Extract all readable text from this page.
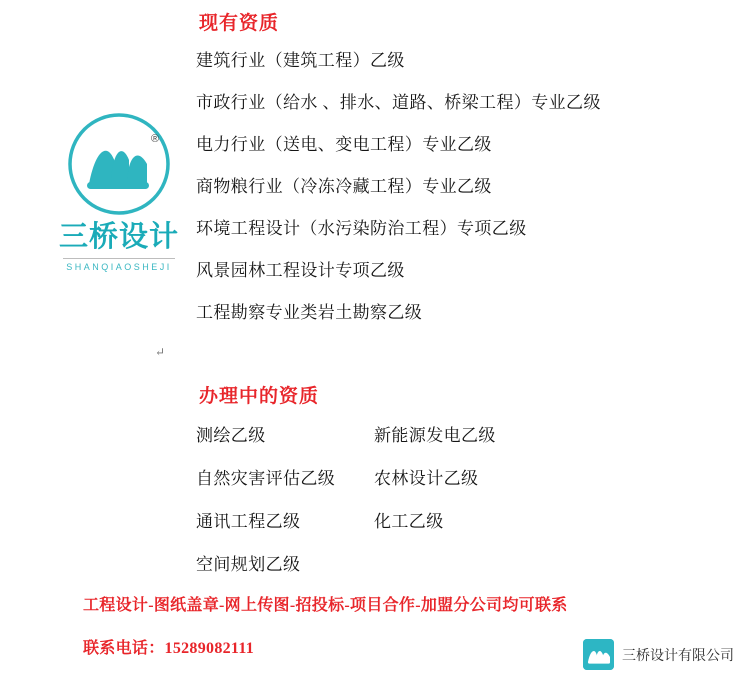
®
三桥设计
SHANQIAOSHEJI
现有资质
建筑行业（建筑工程）乙级
市政行业（给水 、排水、道路、桥梁工程）专业乙级
电力行业（送电、变电工程）专业乙级
商物粮行业（冷冻冷藏工程）专业乙级
环境工程设计（水污染防治工程）专项乙级
风景园林工程设计专项乙级
工程勘察专业类岩土勘察乙级
↵
办理中的资质
测绘乙级	新能源发电乙级
自然灾害评估乙级	农林设计乙级
通讯工程乙级	化工乙级
空间规划乙级
工程设计-图纸盖章-网上传图-招投标-项目合作-加盟分公司均可联系
联系电话：15289082111	三桥设计有限公司
